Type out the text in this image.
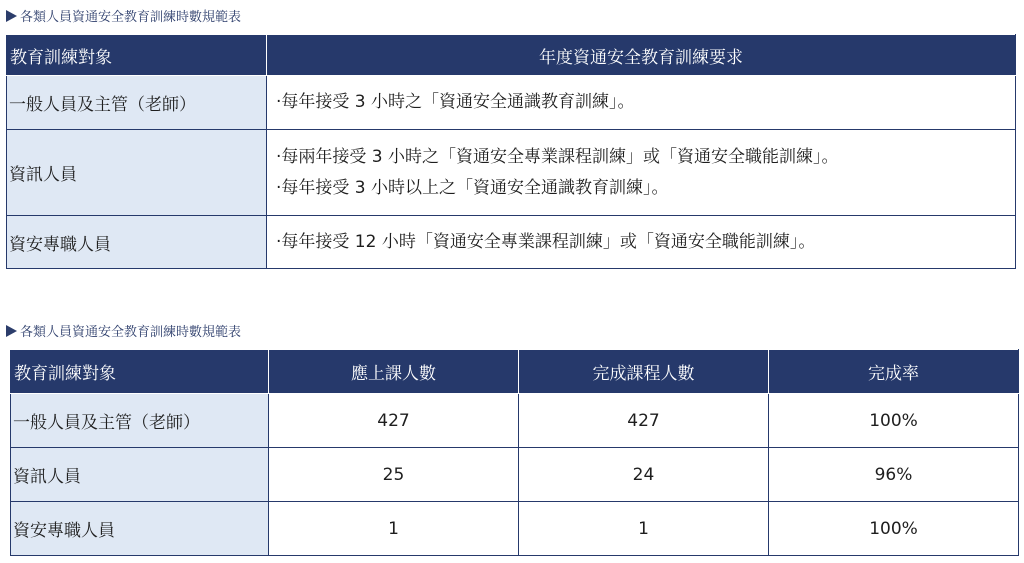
各類人員資通安全教育訓練時數規範表
教育訓練對象	年度資通安全教育訓練要求
一般人員及主管（老師）	‧每年接受 3 小時之「資通安全通識教育訓練」。

資訊人員	‧每兩年接受 3 小時之「資通安全專業課程訓練」或「資通安全職能訓練」。
‧每年接受 3 小時以上之「資通安全通識教育訓練」。

資安專職人員	‧每年接受 12 小時「資通安全專業課程訓練」或「資通安全職能訓練」。
各類人員資通安全教育訓練時數規範表
教育訓練對象	應上課人數	完成課程人數	完成率
一般人員及主管（老師）	427	427	100%
資訊人員	25	24	96%
資安專職人員	1	1	100%
